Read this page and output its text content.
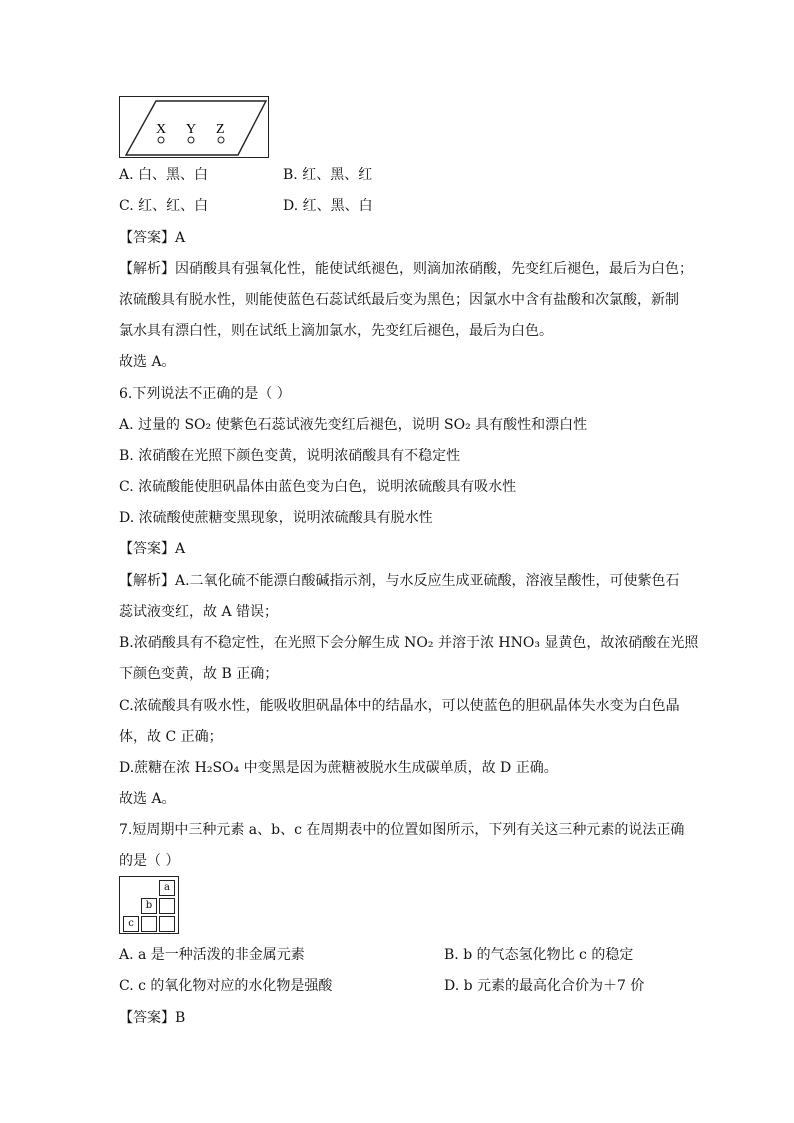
X Y Z
A. 白、黑、白	B. 红、黑、红
C. 红、红、白	D. 红、黑、白
【答案】A
【解析】因硝酸具有强氧化性，能使试纸褪色，则滴加浓硝酸，先变红后褪色，最后为白色；
浓硫酸具有脱水性，则能使蓝色石蕊试纸最后变为黑色；因氯水中含有盐酸和次氯酸，新制
氯水具有漂白性，则在试纸上滴加氯水，先变红后褪色，最后为白色。
故选 A。
6.下列说法不正确的是（ ）
A. 过量的 SO₂ 使紫色石蕊试液先变红后褪色，说明 SO₂ 具有酸性和漂白性
B. 浓硝酸在光照下颜色变黄，说明浓硝酸具有不稳定性
C. 浓硫酸能使胆矾晶体由蓝色变为白色，说明浓硫酸具有吸水性
D. 浓硫酸使蔗糖变黑现象，说明浓硫酸具有脱水性
【答案】A
【解析】A.二氧化硫不能漂白酸碱指示剂，与水反应生成亚硫酸，溶液呈酸性，可使紫色石
蕊试液变红，故 A 错误；
B.浓硝酸具有不稳定性，在光照下会分解生成 NO₂ 并溶于浓 HNO₃ 显黄色，故浓硝酸在光照
下颜色变黄，故 B 正确；
C.浓硫酸具有吸水性，能吸收胆矾晶体中的结晶水，可以使蓝色的胆矾晶体失水变为白色晶
体，故 C 正确；
D.蔗糖在浓 H₂SO₄ 中变黑是因为蔗糖被脱水生成碳单质，故 D 正确。
故选 A。
7.短周期中三种元素 a、b、c 在周期表中的位置如图所示，下列有关这三种元素的说法正确
的是（ ）
a
b
c
A. a 是一种活泼的非金属元素	B. b 的气态氢化物比 c 的稳定
C. c 的氧化物对应的水化物是强酸	D. b 元素的最高化合价为＋7 价
【答案】B
